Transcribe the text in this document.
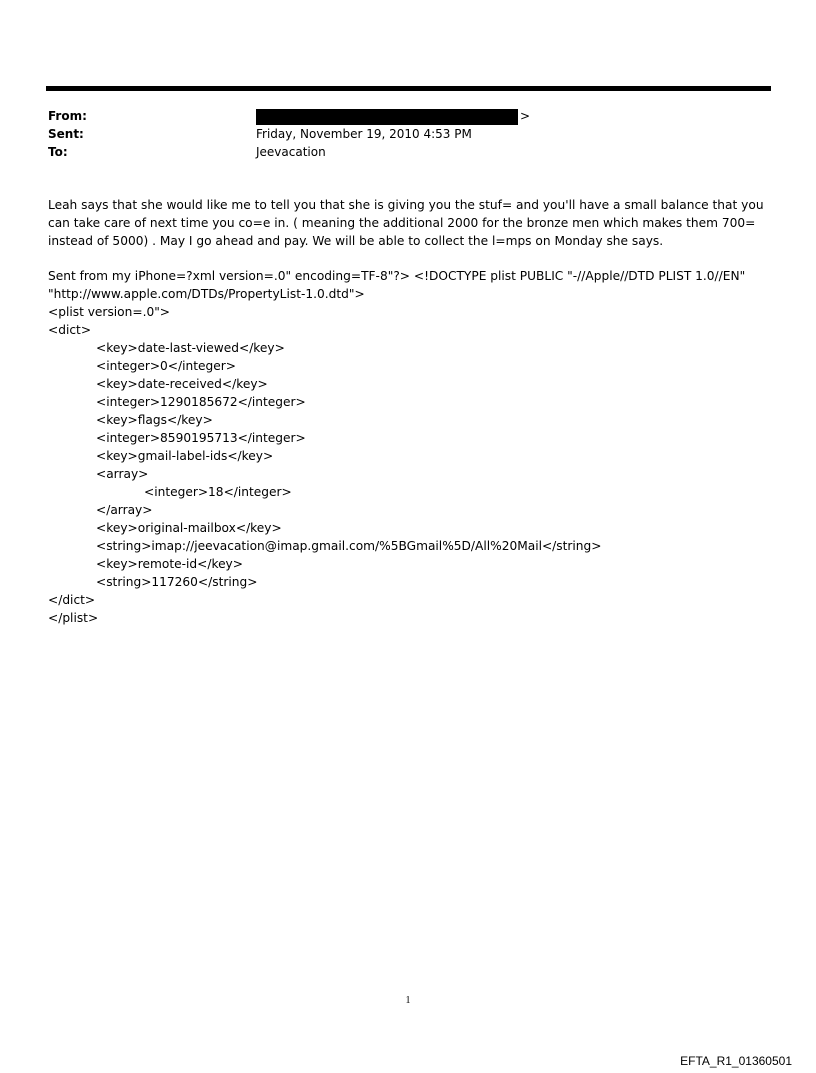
From:	>
Sent:	Friday, November 19, 2010 4:53 PM
To:	Jeevacation

Leah says that she would like me to tell you that she is giving you the stuf= and you'll have a small balance that you can take care of next time you co=e in. ( meaning the additional 2000 for the bronze men which makes them 700= instead of 5000) . May I go ahead and pay. We will be able to collect the l=mps on Monday she says.

Sent from my iPhone=?xml version=.0" encoding=TF-8"?> <!DOCTYPE plist PUBLIC "-//Apple//DTD PLIST 1.0//EN"
"http://www.apple.com/DTDs/PropertyList-1.0.dtd">
<plist version=.0">
<dict>
<key>date-last-viewed</key>
<integer>0</integer>
<key>date-received</key>
<integer>1290185672</integer>
<key>flags</key>
<integer>8590195713</integer>
<key>gmail-label-ids</key>
<array>
<integer>18</integer>
</array>
<key>original-mailbox</key>
<string>imap://jeevacation@imap.gmail.com/%5BGmail%5D/All%20Mail</string>
<key>remote-id</key>
<string>117260</string>
</dict>
</plist>
1
EFTA_R1_01360501
